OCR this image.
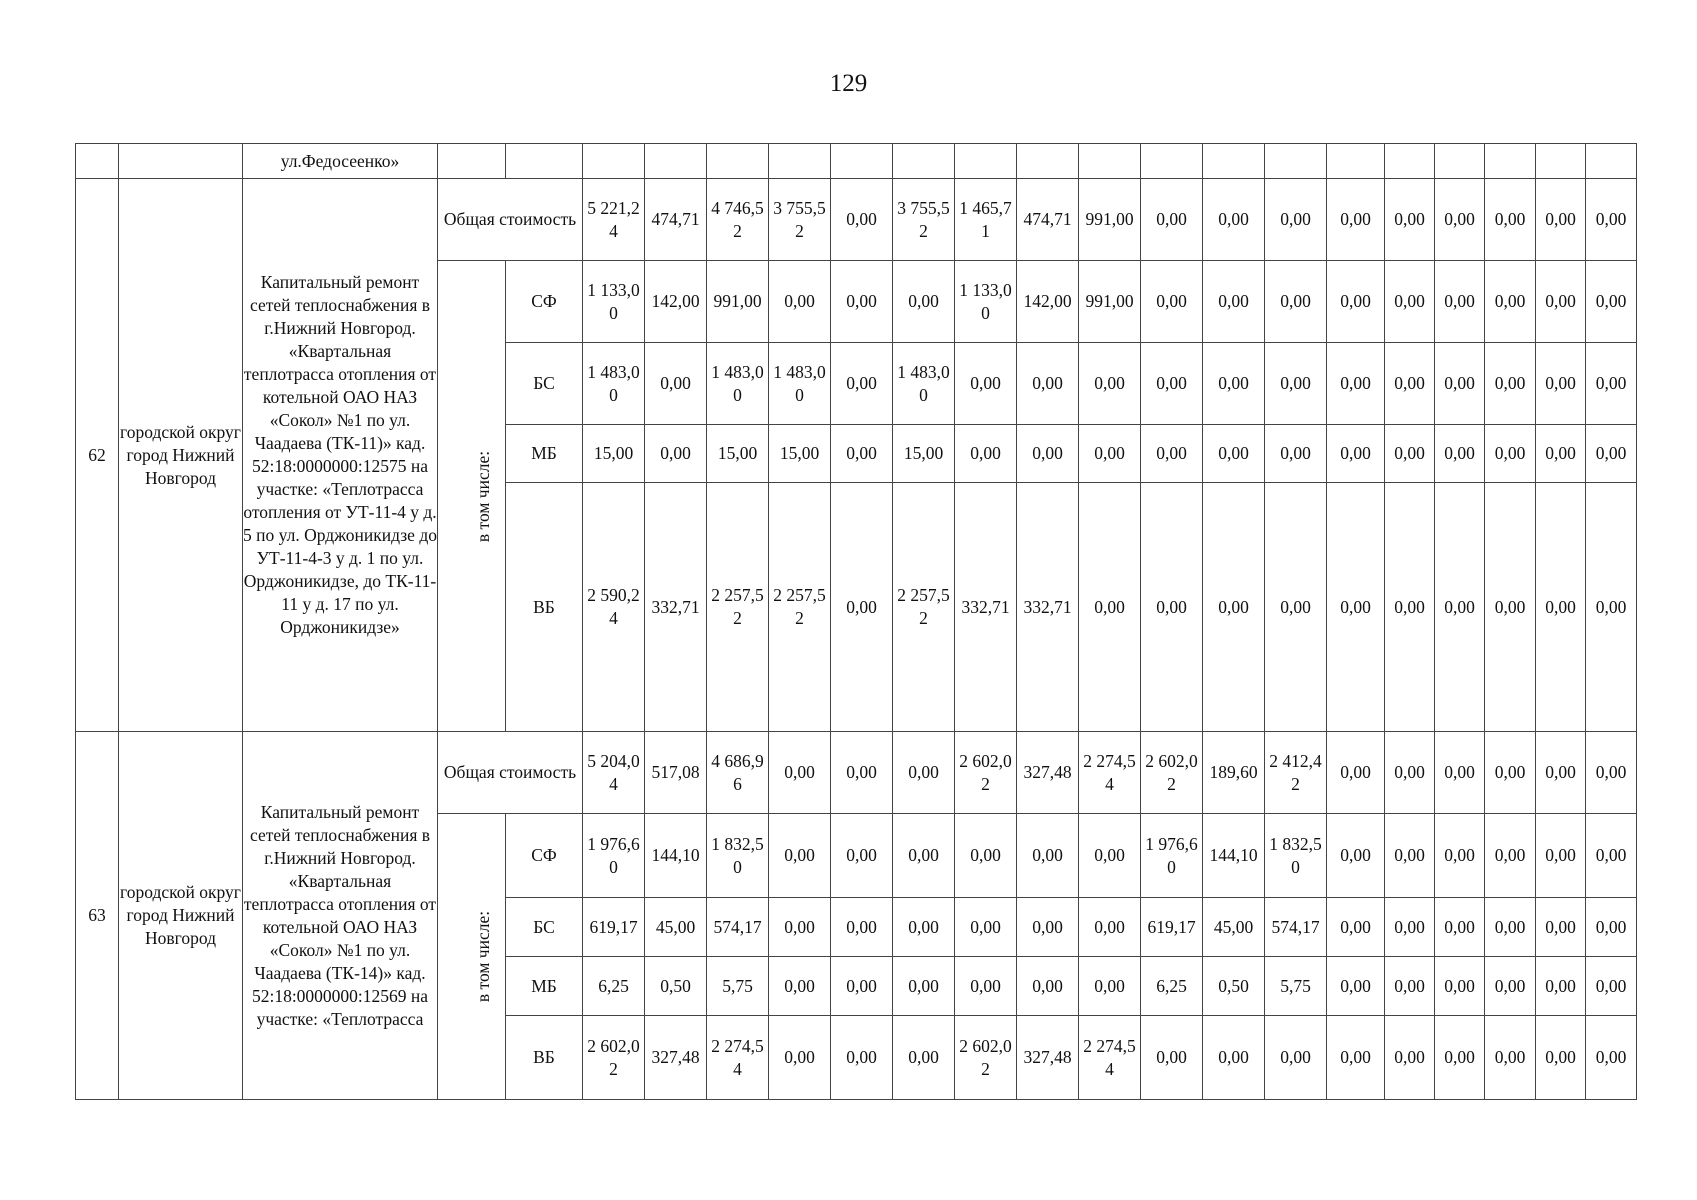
129
		ул.Федосеенко»																				
62	городской округ город Нижний Новгород	Капитальный ремонт сетей теплоснабжения в г.Нижний Новгород. «Квартальная теплотрасса отопления от котельной ОАО НАЗ «Сокол» №1 по ул. Чаадаева (ТК-11)» кад. 52:18:0000000:12575 на участке: «Теплотрасса отопления от УТ-11-4 у д. 5 по ул. Орджоникидзе до УТ-11-4-3 у д. 1 по ул. Орджоникидзе, до ТК-11-11 у д. 17 по ул. Орджоникидзе»	Общая стоимость		5 221,24	474,71	4 746,52	3 755,52	0,00	3 755,52	1 465,71	474,71	991,00	0,00	0,00	0,00	0,00	0,00	0,00	0,00	0,00	0,00
			в том числе:	СФ	1 133,00	142,00	991,00	0,00	0,00	0,00	1 133,00	142,00	991,00	0,00	0,00	0,00	0,00	0,00	0,00	0,00	0,00	0,00
				БС	1 483,00	0,00	1 483,00	1 483,00	0,00	1 483,00	0,00	0,00	0,00	0,00	0,00	0,00	0,00	0,00	0,00	0,00	0,00	0,00
				МБ	15,00	0,00	15,00	15,00	0,00	15,00	0,00	0,00	0,00	0,00	0,00	0,00	0,00	0,00	0,00	0,00	0,00	0,00
				ВБ	2 590,24	332,71	2 257,52	2 257,52	0,00	2 257,52	332,71	332,71	0,00	0,00	0,00	0,00	0,00	0,00	0,00	0,00	0,00	0,00
63	городской округ город Нижний Новгород	Капитальный ремонт сетей теплоснабжения в г.Нижний Новгород. «Квартальная теплотрасса отопления от котельной ОАО НАЗ «Сокол» №1 по ул. Чаадаева (ТК-14)» кад. 52:18:0000000:12569 на участке: «Теплотрасса	Общая стоимость		5 204,04	517,08	4 686,96	0,00	0,00	0,00	2 602,02	327,48	2 274,54	2 602,02	189,60	2 412,42	0,00	0,00	0,00	0,00	0,00	0,00
			в том числе:	СФ	1 976,60	144,10	1 832,50	0,00	0,00	0,00	0,00	0,00	0,00	1 976,60	144,10	1 832,50	0,00	0,00	0,00	0,00	0,00	0,00
				БС	619,17	45,00	574,17	0,00	0,00	0,00	0,00	0,00	0,00	619,17	45,00	574,17	0,00	0,00	0,00	0,00	0,00	0,00
				МБ	6,25	0,50	5,75	0,00	0,00	0,00	0,00	0,00	0,00	6,25	0,50	5,75	0,00	0,00	0,00	0,00	0,00	0,00
				ВБ	2 602,02	327,48	2 274,54	0,00	0,00	0,00	2 602,02	327,48	2 274,54	0,00	0,00	0,00	0,00	0,00	0,00	0,00	0,00	0,00
